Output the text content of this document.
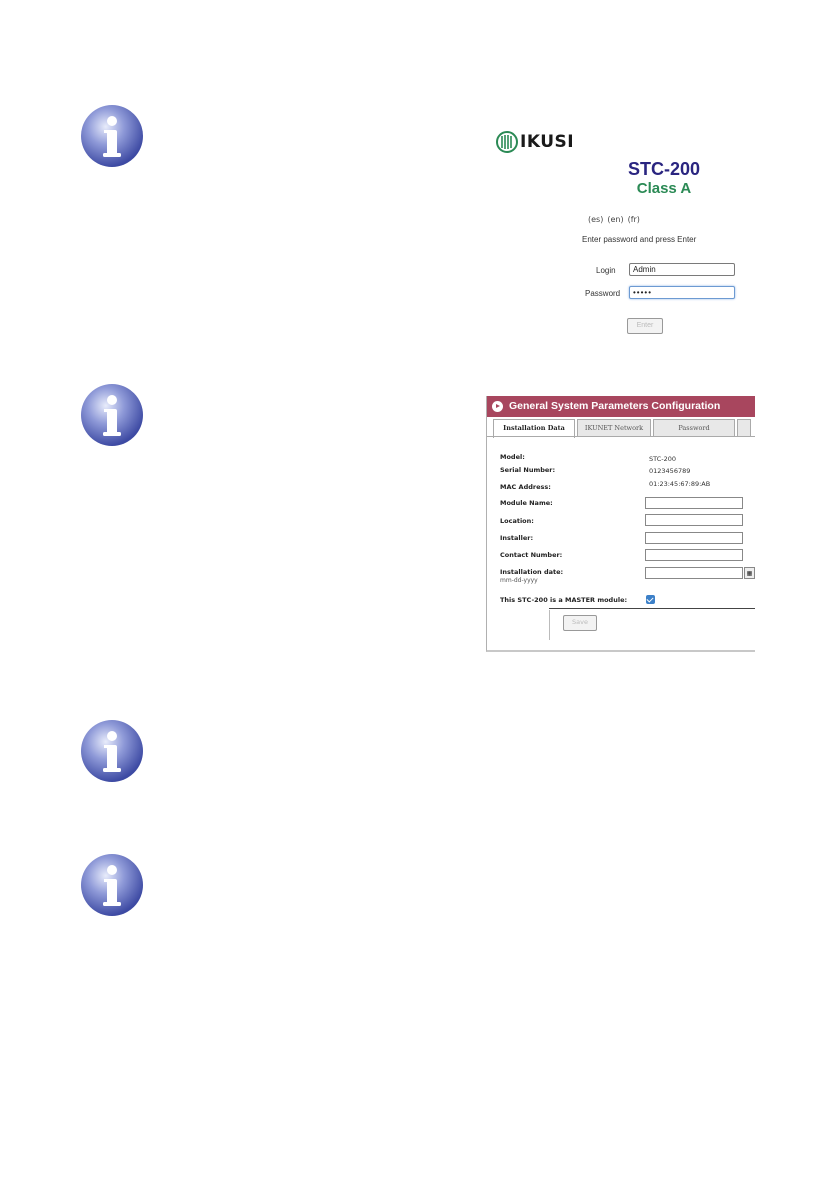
IKUSI
STC-200
Class A
(es) (en) (fr)
Enter password and press Enter
Login	Admin
Password	•••••
Enter
General System Parameters Configuration
Installation Data	IKUNET Network	Password
Model:	STC-200
Serial Number:	0123456789
MAC Address:	01:23:45:67:89:AB
Module Name:
Location:
Installer:
Contact Number:
Installation date:	▦
mm-dd-yyyy
This STC-200 is a MASTER module:
Save
